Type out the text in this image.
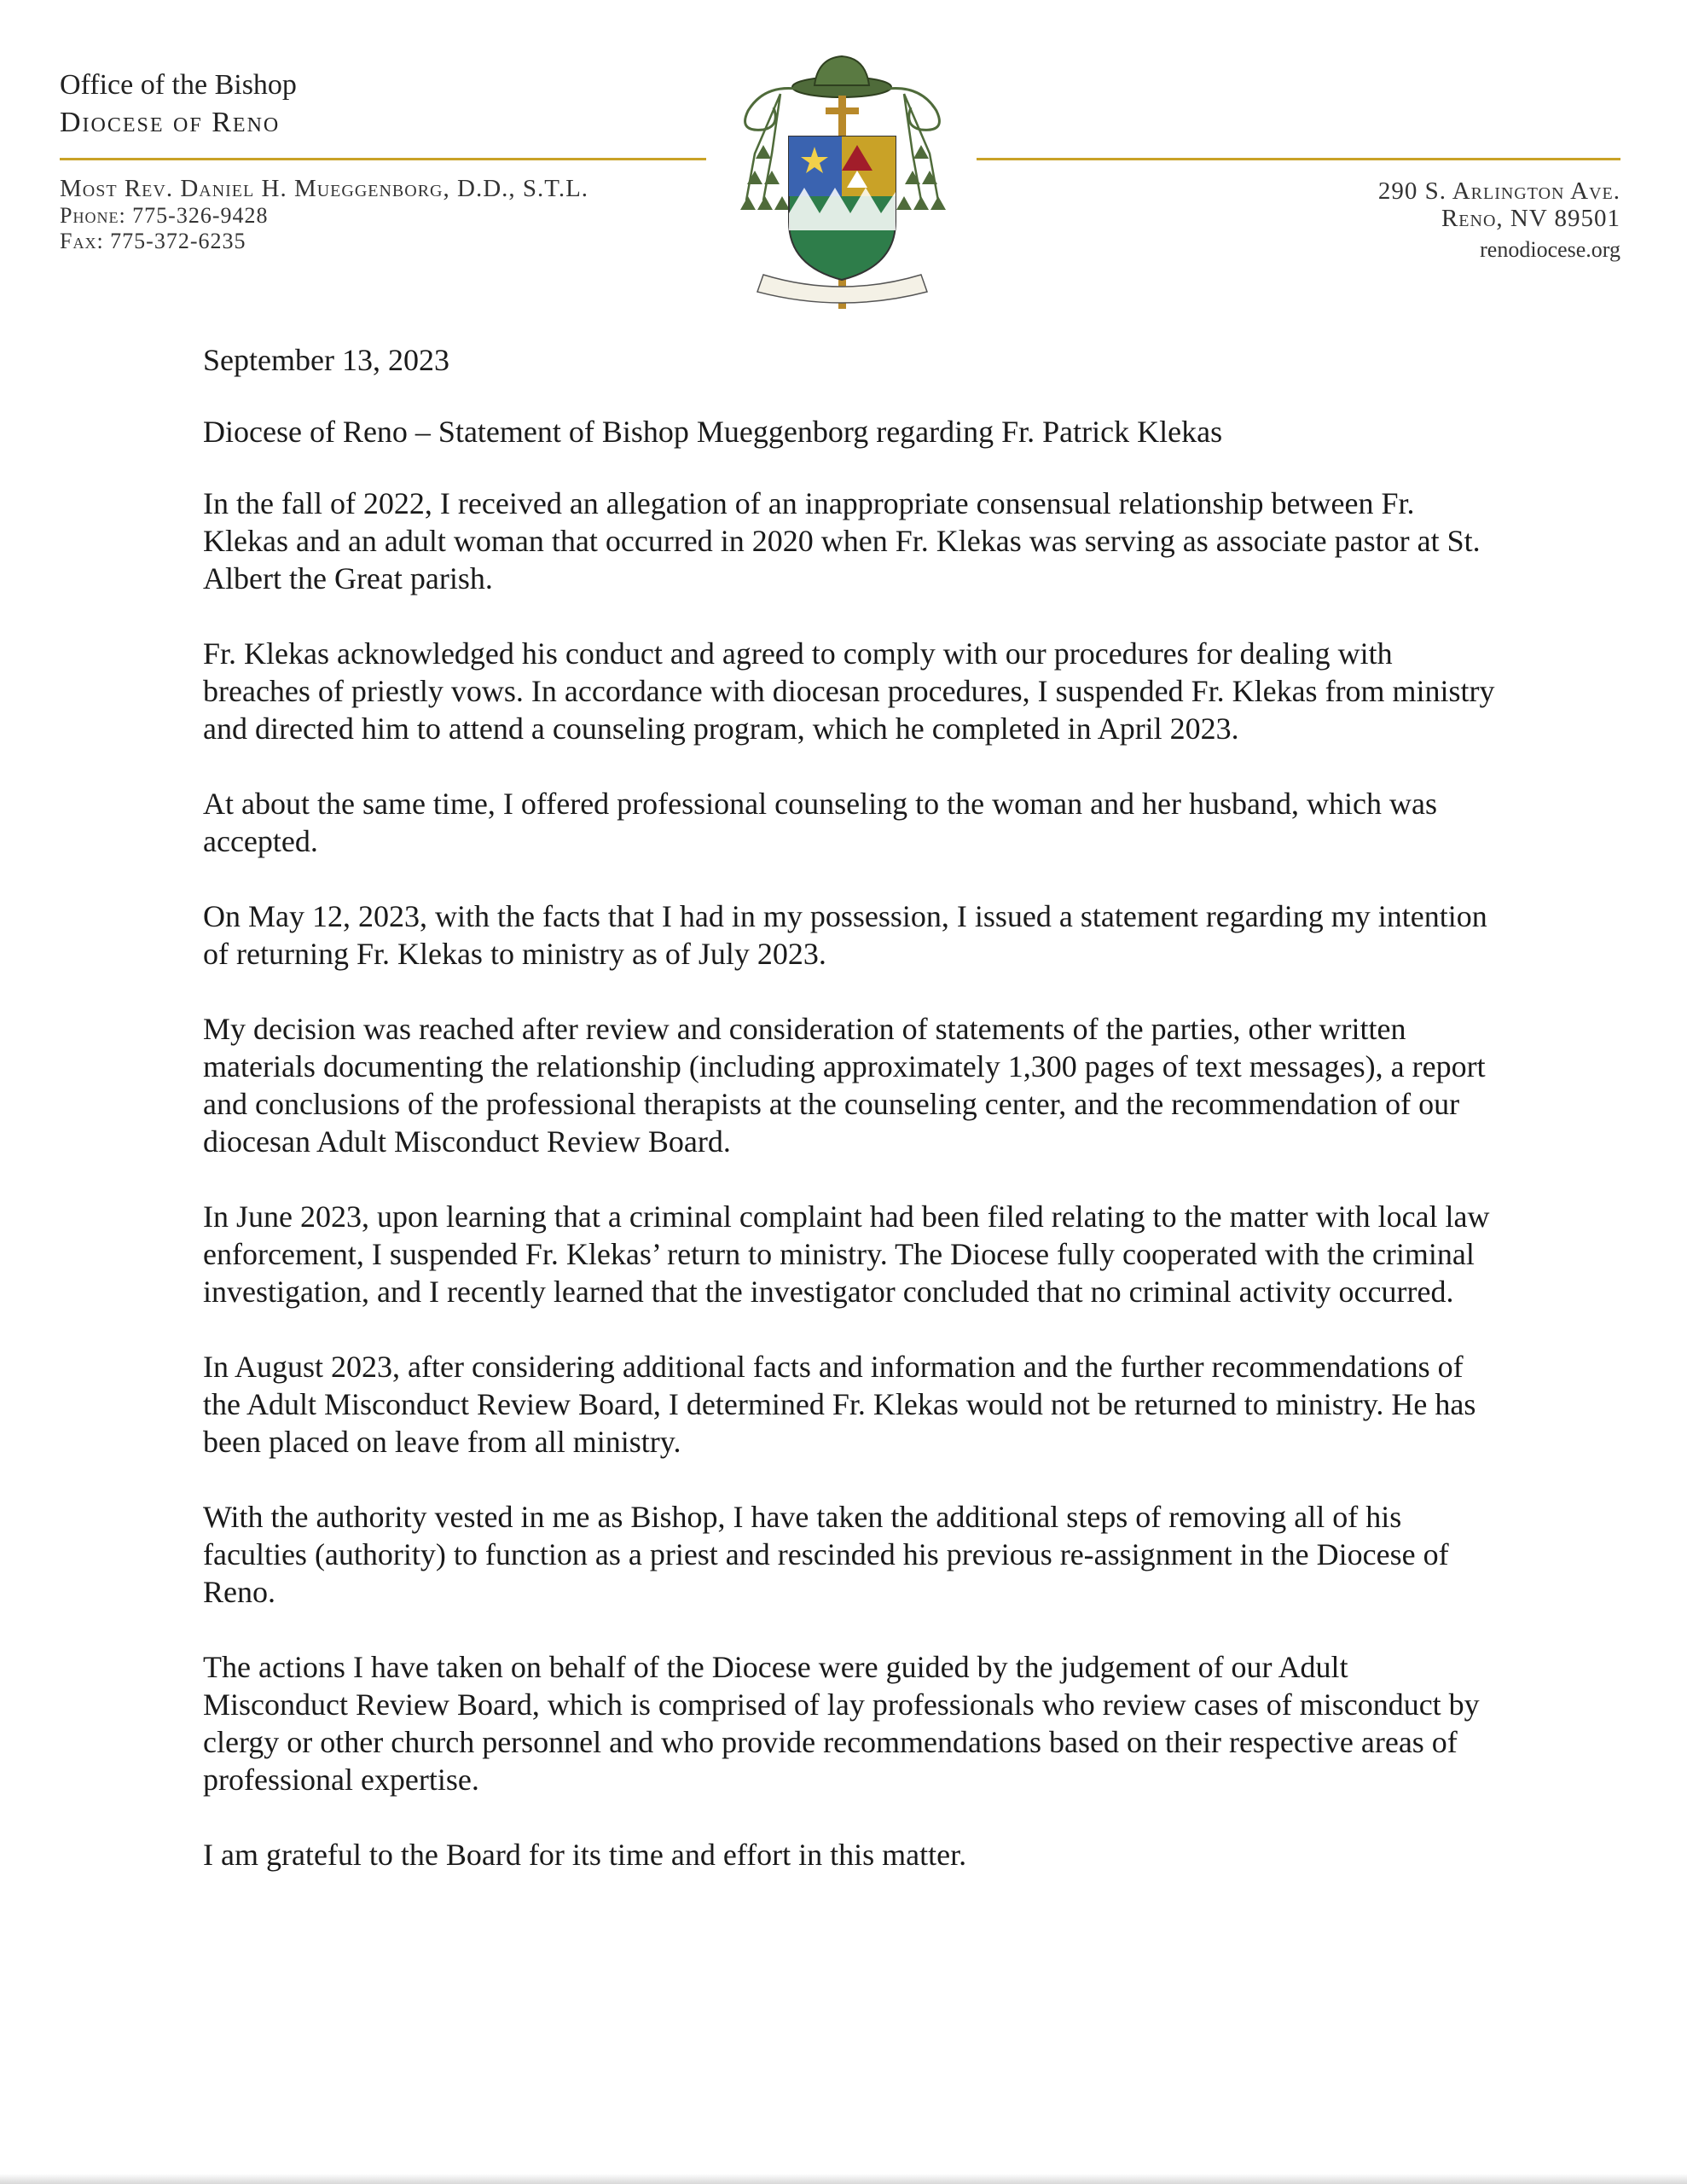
Office of the Bishop
Diocese of Reno
Most Rev. Daniel H. Mueggenborg, D.D., S.T.L.
Phone: 775-326-9428
Fax: 775-372-6235
290 S. Arlington Ave.
Reno, NV 89501
renodiocese.org

September 13, 2023

Diocese of Reno – Statement of Bishop Mueggenborg regarding Fr. Patrick Klekas

In the fall of 2022, I received an allegation of an inappropriate consensual relationship between Fr. Klekas and an adult woman that occurred in 2020 when Fr. Klekas was serving as associate pastor at St. Albert the Great parish.

Fr. Klekas acknowledged his conduct and agreed to comply with our procedures for dealing with breaches of priestly vows. In accordance with diocesan procedures, I suspended Fr. Klekas from ministry and directed him to attend a counseling program, which he completed in April 2023.

At about the same time, I offered professional counseling to the woman and her husband, which was accepted.

On May 12, 2023, with the facts that I had in my possession, I issued a statement regarding my intention of returning Fr. Klekas to ministry as of July 2023.

My decision was reached after review and consideration of statements of the parties, other written materials documenting the relationship (including approximately 1,300 pages of text messages), a report and conclusions of the professional therapists at the counseling center, and the recommendation of our diocesan Adult Misconduct Review Board.

In June 2023, upon learning that a criminal complaint had been filed relating to the matter with local law enforcement, I suspended Fr. Klekas’ return to ministry. The Diocese fully cooperated with the criminal investigation, and I recently learned that the investigator concluded that no criminal activity occurred.

In August 2023, after considering additional facts and information and the further recommendations of the Adult Misconduct Review Board, I determined Fr. Klekas would not be returned to ministry. He has been placed on leave from all ministry.

With the authority vested in me as Bishop, I have taken the additional steps of removing all of his faculties (authority) to function as a priest and rescinded his previous re-assignment in the Diocese of Reno.

The actions I have taken on behalf of the Diocese were guided by the judgement of our Adult Misconduct Review Board, which is comprised of lay professionals who review cases of misconduct by clergy or other church personnel and who provide recommendations based on their respective areas of professional expertise.

I am grateful to the Board for its time and effort in this matter.
